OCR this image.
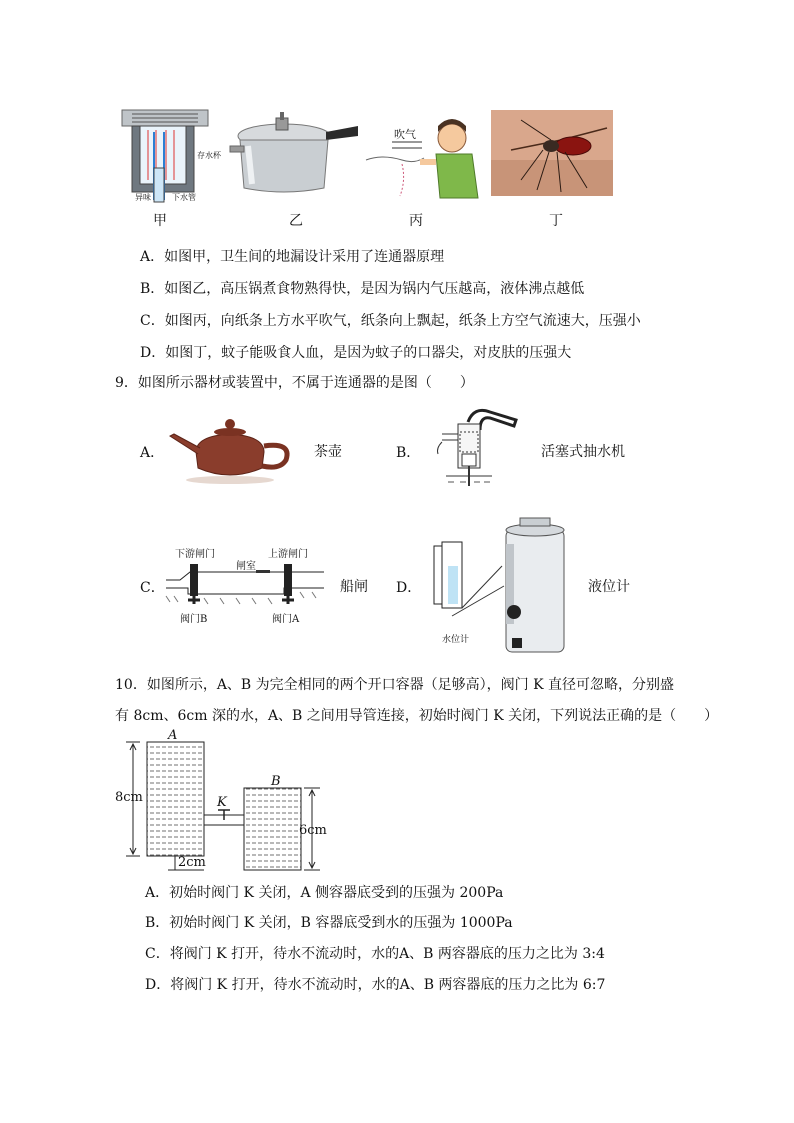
存水杯
异味	下水管
吹气
甲	乙	丙	丁
A．如图甲，卫生间的地漏设计采用了连通器原理
B．如图乙，高压锅煮食物熟得快，是因为锅内气压越高，液体沸点越低
C．如图丙，向纸条上方水平吹气，纸条向上飘起，纸条上方空气流速大，压强小
D．如图丁，蚊子能吸食人血，是因为蚊子的口器尖，对皮肤的压强大
9．如图所示器材或装置中，不属于连通器的是图（　　）
A．	茶壶	B．	活塞式抽水机
C．
下游闸门
闸室
上游闸门
阀门B	阀门A
船闸 D．
水位计
液位计
10．如图所示，A、B 为完全相同的两个开口容器（足够高），阀门 K 直径可忽略，分别盛
有 8cm、6cm 深的水，A、B 之间用导管连接，初始时阀门 K 关闭，下列说法正确的是（　　）
A
B
K
8cm
6cm
2cm
A．初始时阀门 K 关闭，A 侧容器底受到的压强为 200Pa
B．初始时阀门 K 关闭，B 容器底受到水的压强为 1000Pa
C．将阀门 K 打开，待水不流动时，水的A、B 两容器底的压力之比为 3:4
D．将阀门 K 打开，待水不流动时，水的A、B 两容器底的压力之比为 6:7
